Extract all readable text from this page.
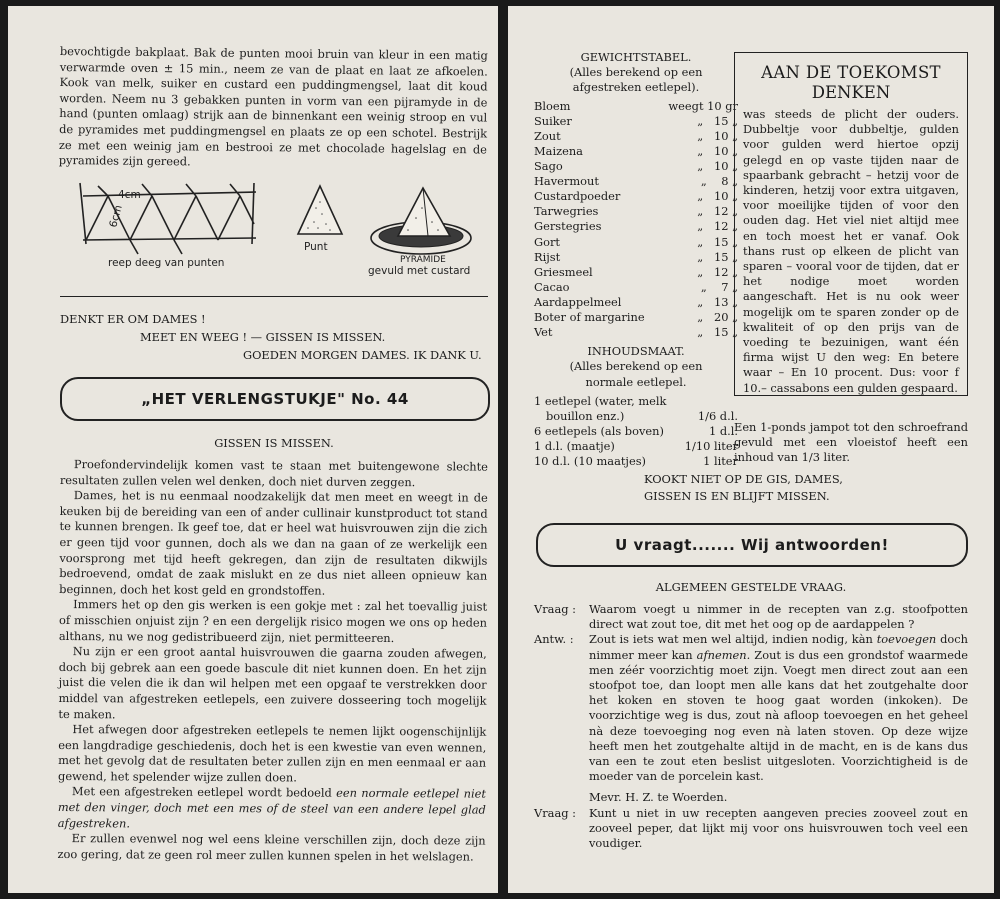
bevochtigde bakplaat. Bak de punten mooi bruin van kleur in een matig verwarmde oven ± 15 min., neem ze van de plaat en laat ze afkoelen. Kook van melk, suiker en custard een puddingmengsel, laat dit koud worden. Neem nu 3 gebakken punten in vorm van een pijramyde in de hand (punten omlaag) strijk aan de binnenkant een weinig stroop en vul de pyramides met puddingmengsel en plaats ze op een schotel. Bestrijk ze met een weinig jam en bestrooi ze met chocolade hagelslag en de pyramides zijn gereed.

4cm
6cm
reep deeg van punten
Punt
PYRAMIDE
gevuld met custard

DENKT ER OM DAMES !

MEET EN WEEG ! — GISSEN IS MISSEN.

GOEDEN MORGEN DAMES. IK DANK U.

„HET VERLENGSTUKJE" No. 44

GISSEN IS MISSEN.

Proefondervindelijk komen vast te staan met buitengewone slechte resultaten zullen velen wel denken, doch niet durven zeggen.

Dames, het is nu eenmaal noodzakelijk dat men meet en weegt in de keuken bij de bereiding van een of ander cullinair kunstproduct tot stand te kunnen brengen. Ik geef toe, dat er heel wat huisvrouwen zijn die zich er geen tijd voor gunnen, doch als we dan na gaan of ze werkelijk een voorsprong met tijd heeft gekregen, dan zijn de resultaten dikwijls bedroevend, omdat de zaak mislukt en ze dus niet alleen opnieuw kan beginnen, doch het kost geld en grondstoffen.

Immers het op den gis werken is een gokje met : zal het toevallig juist of misschien onjuist zijn ? en een dergelijk risico mogen we ons op heden althans, nu we nog gedistribueerd zijn, niet permitteeren.

Nu zijn er een groot aantal huisvrouwen die gaarna zouden afwegen, doch bij gebrek aan een goede bascule dit niet kunnen doen. En het zijn juist die velen die ik dan wil helpen met een opgaaf te verstrekken door middel van afgestreken eetlepels, een zuivere dosseering toch mogelijk te maken.

Het afwegen door afgestreken eetlepels te nemen lijkt oogenschijnlijk een langdradige geschiedenis, doch het is een kwestie van even wennen, met het gevolg dat de resultaten beter zullen zijn en men eenmaal er aan gewend, het spelender wijze zullen doen.

Met een afgestreken eetlepel wordt bedoeld een normale eetlepel niet met den vinger, doch met een mes of de steel van een andere lepel glad afgestreken.

Er zullen evenwel nog wel eens kleine verschillen zijn, doch deze zijn zoo gering, dat ze geen rol meer zullen kunnen spelen in het welslagen.

GEWICHTSTABEL.

(Alles berekend op een

afgestreken eetlepel).

Bloem	weegt 10 gr
Suiker	„   15 „
Zout	„   10 „
Maizena	„   10 „
Sago	„   10 „
Havermout	„    8 „
Custardpoeder	„   10 „
Tarwegries	„   12 „
Gerstegries	„   12 „
Gort	„   15 „
Rijst	„   15 „
Griesmeel	„   12 „
Cacao	„    7 „
Aardappelmeel	„   13 „
Boter of margarine	„   20 „
Vet	„   15 „

INHOUDSMAAT.

(Alles berekend op een

normale eetlepel.

1 eetlepel (water, melk	
bouillon enz.)	1/6 d.l.
6 eetlepels (als boven)	1 d.l.
1 d.l. (maatje)	1/10 liter
10 d.l. (10 maatjes)	1 liter

AAN DE TOEKOMST

DENKEN

was steeds de plicht der ouders. Dubbeltje voor dubbeltje, gulden voor gulden werd hiertoe opzij gelegd en op vaste tijden naar de spaarbank gebracht – hetzij voor de kinderen, hetzij voor extra uitgaven, voor moeilijke tijden of voor den ouden dag. Het viel niet altijd mee en toch moest het er vanaf. Ook thans rust op elkeen de plicht van sparen – vooral voor de tijden, dat er het nodige moet worden aangeschaft. Het is nu ook weer mogelijk om te sparen zonder op de kwaliteit of op den prijs van de voeding te bezuinigen, want één firma wijst U den weg: En betere waar – En 10 procent. Dus: voor f 10.– cassabons een gulden gespaard.

Een 1-ponds jampot tot den schroefrand gevuld met een vloeistof heeft een inhoud van 1/3 liter.

KOOKT NIET OP DE GIS, DAMES,

GISSEN IS EN BLIJFT MISSEN.

U vraagt....... Wij antwoorden!

ALGEMEEN GESTELDE VRAAG.

Vraag :	Waarom voegt u nimmer in de recepten van z.g. stoofpotten direct wat zout toe, dit met het oog op de aardappelen ?
Antw. :	Zout is iets wat men wel altijd, indien nodig, kàn toevoegen doch nimmer meer kan afnemen. Zout is dus een grondstof waarmede men zéér voorzichtig moet zijn. Voegt men direct zout aan een stoofpot toe, dan loopt men alle kans dat het zoutgehalte door het koken en stoven te hoog gaat worden (inkoken). De voorzichtige weg is dus, zout nà afloop toevoegen en het geheel nà deze toevoeging nog even nà laten stoven. Op deze wijze heeft men het zoutgehalte altijd in de macht, en is de kans dus van een te zout eten beslist uitgesloten. Voorzichtigheid is de moeder van de porcelein kast.

Mevr. H. Z. te Woerden.

Vraag :	Kunt u niet in uw recepten aangeven precies zooveel zout en zooveel peper, dat lijkt mij voor ons huisvrouwen toch veel een voudiger.
